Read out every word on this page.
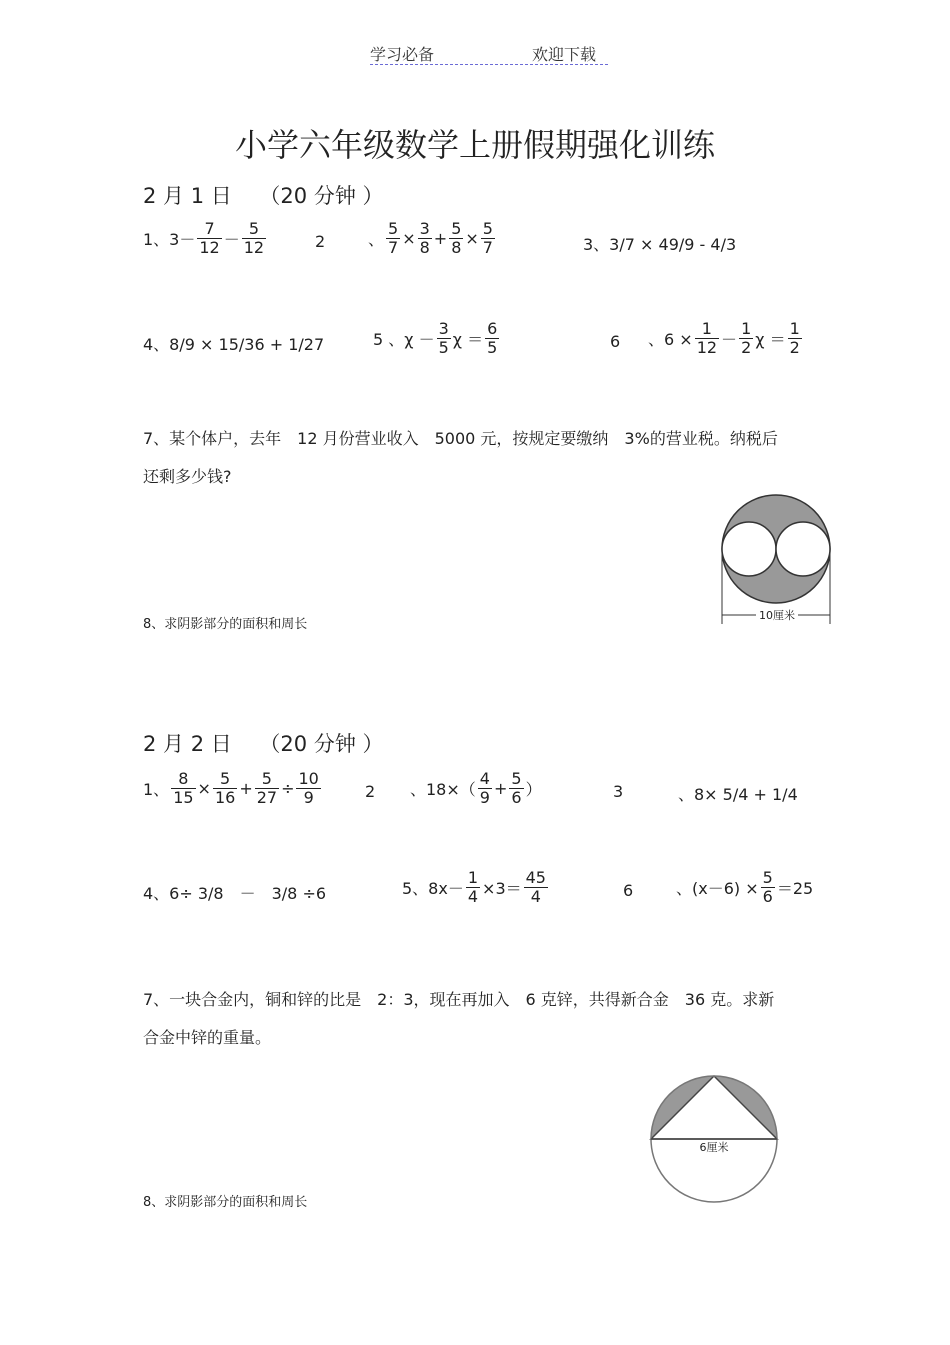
学习必备	欢迎下载
小学六年级数学上册假期强化训练
2 月 1 日　 （20 分钟 ）
1、$3- \frac{7}{12} - \frac{5}{12}$	2	、 $\frac{5}{7} \times \frac{3}{8} + \frac{5}{8} \times \frac{5}{7}$	3、3/7 × 49/9 - 4/3
4、8/9 × 15/36 + 1/27	5 、$\chi - \frac{3}{5}$ $\chi = \frac{6}{5}$	6 、$6 \times \frac{1}{12} - \frac{1}{2}$ $\chi = \frac{1}{2}$
7、某个体户，去年　12 月份营业收入　5000 元，按规定要缴纳　3%的营业税。纳税后
还剩多少钱?
8、求阴影部分的面积和周长
10厘米
2 月 2 日　 （20 分钟 ）
1、 $\frac{8}{15} \times \frac{5}{16} + \frac{5}{27} \div \frac{10}{9}$	2 、$18\times( \frac{4}{9} + \frac{5}{6}$ ）	3	、8× 5/4 + 1/4
4、6÷ 3/8　－　3/8 ÷6	5、$8x- \frac{1}{4} \times 3= \frac{45}{4}$	6	、$(x-6) \times \frac{5}{6} =25$
7、一块合金内，铜和锌的比是　2：3，现在再加入　6 克锌，共得新合金　36 克。求新
合金中锌的重量。
8、求阴影部分的面积和周长
6厘米
